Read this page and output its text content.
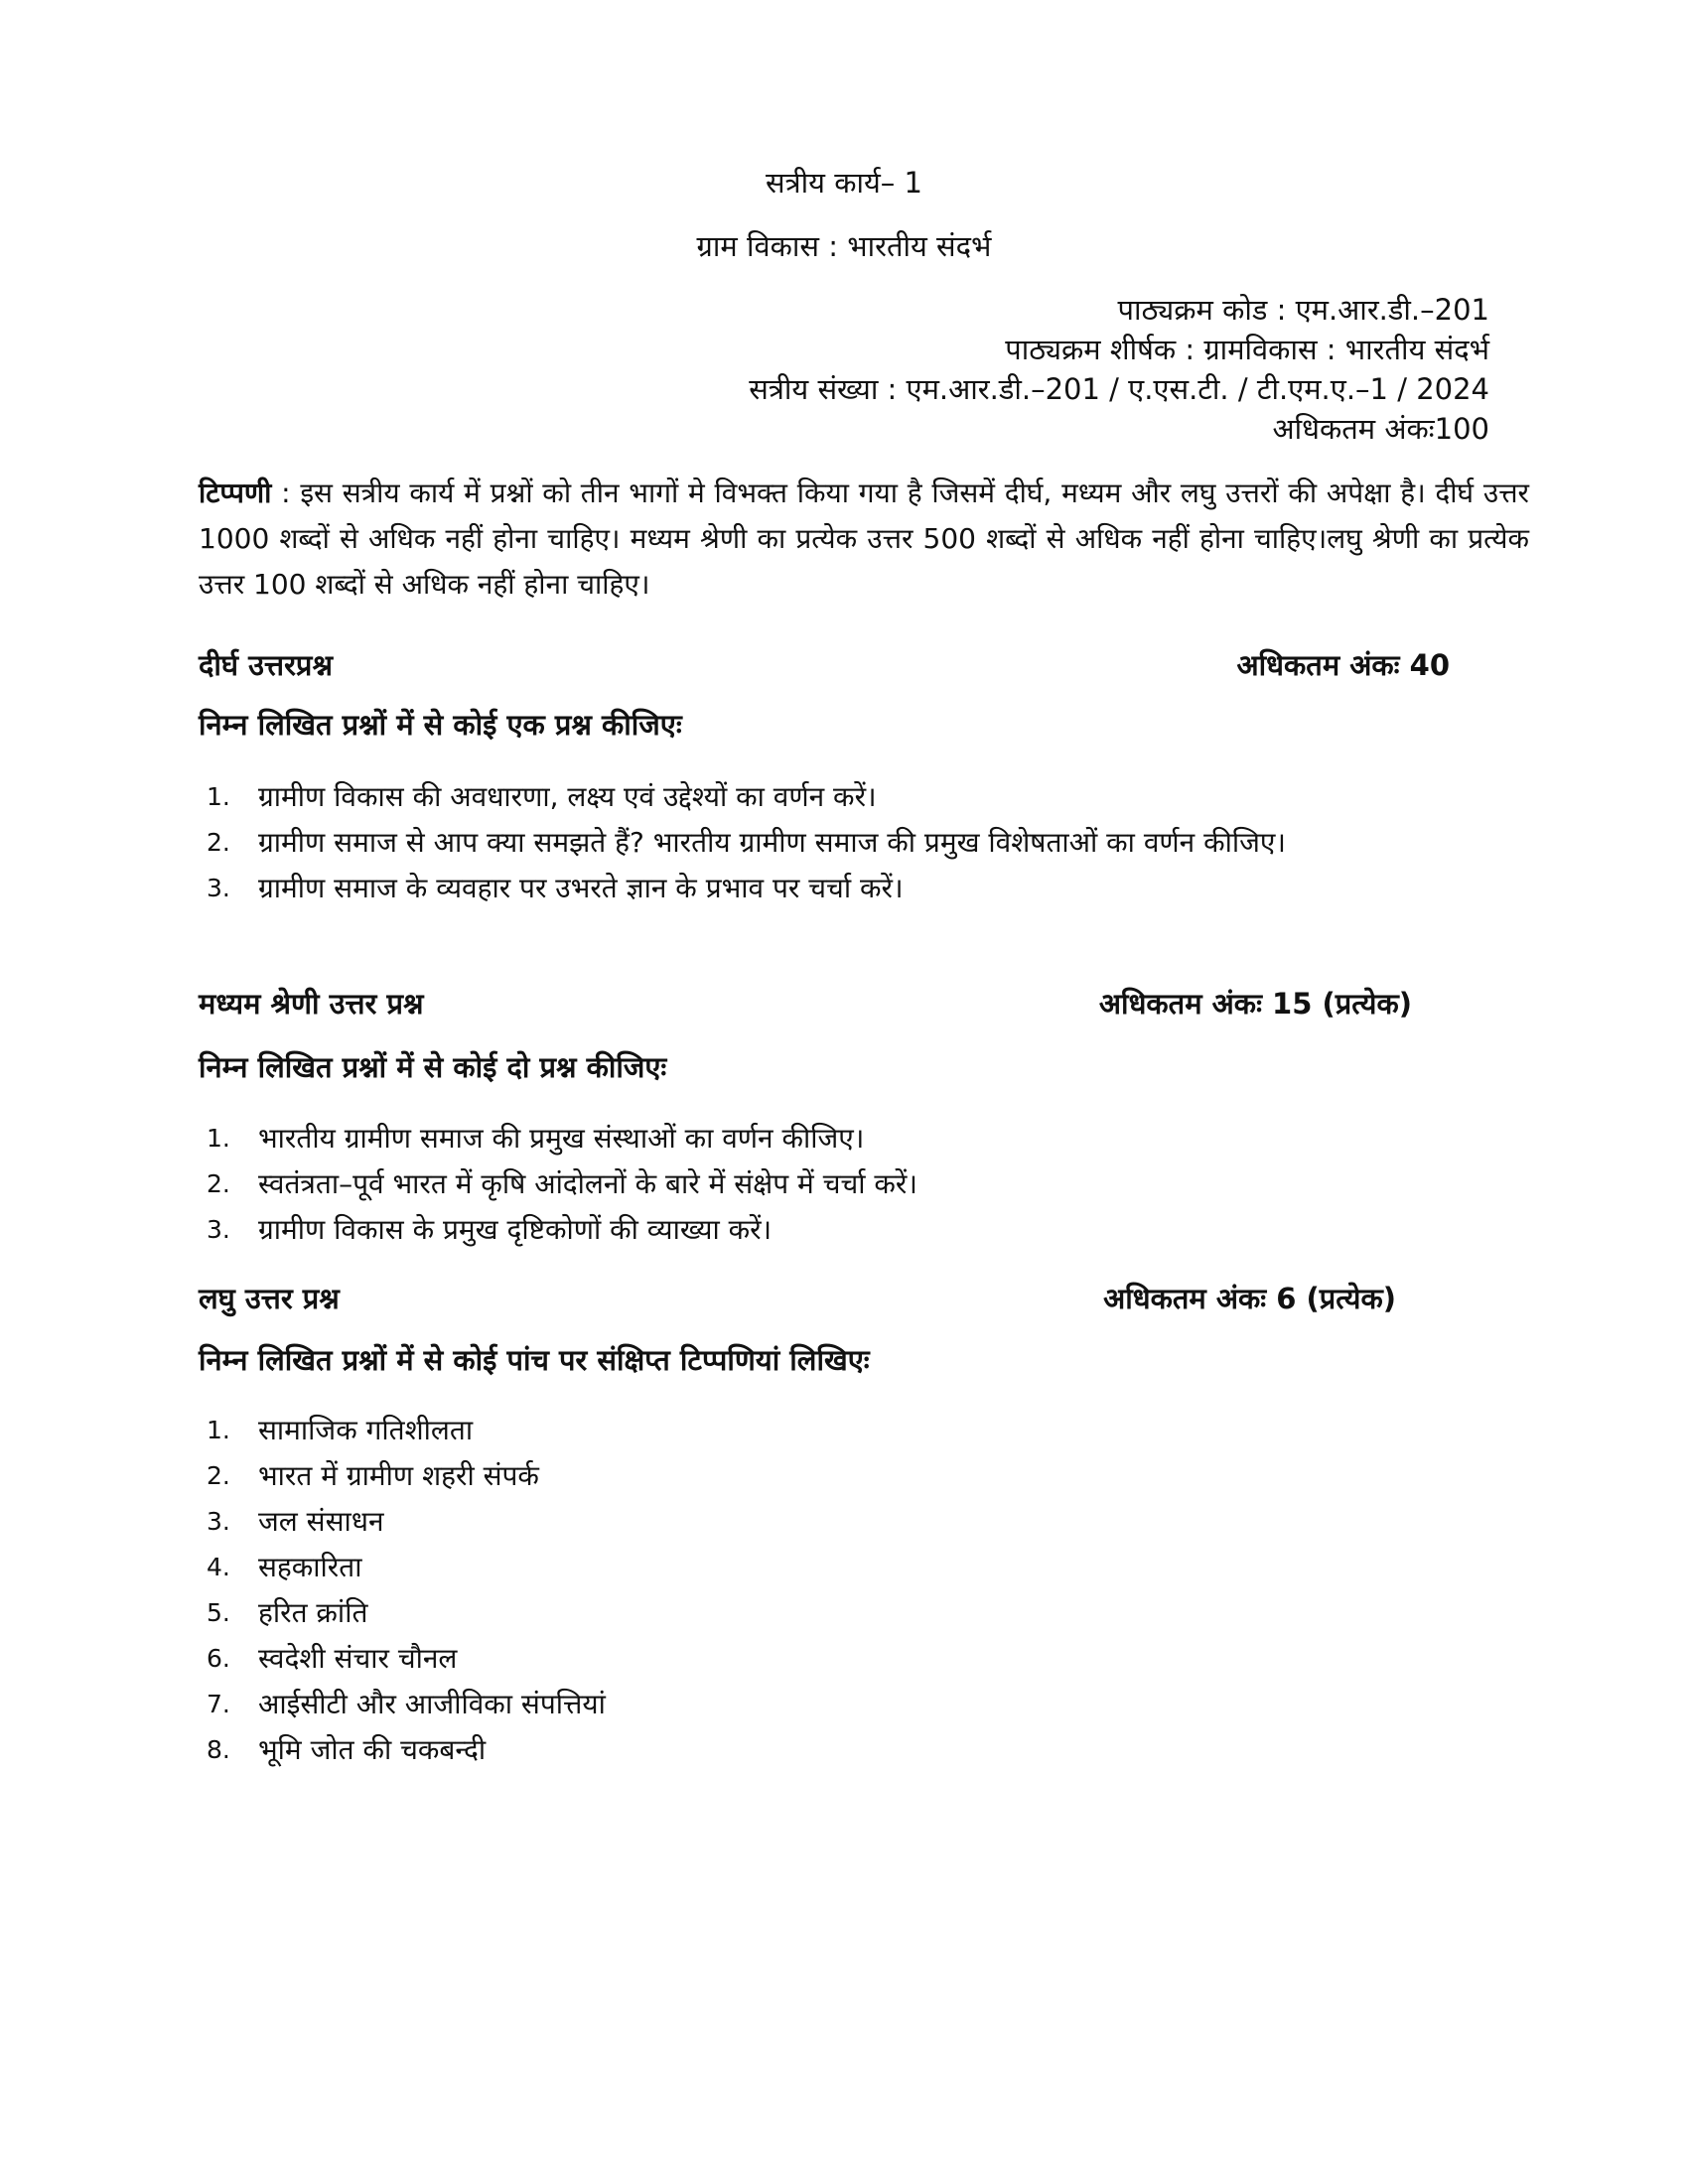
सत्रीय कार्य– 1
ग्राम विकास : भारतीय संदर्भ
पाठ्यक्रम कोड : एम.आर.डी.–201
पाठ्यक्रम शीर्षक : ग्रामविकास : भारतीय संदर्भ
सत्रीय संख्या : एम.आर.डी.–201 / ए.एस.टी. / टी.एम.ए.–1 / 2024
अधिकतम अंकः100
टिप्पणी : इस सत्रीय कार्य में प्रश्नों को तीन भागों मे विभक्त किया गया है जिसमें दीर्घ, मध्यम और लघु उत्तरों की अपेक्षा है। दीर्घ उत्तर 1000 शब्दों से अधिक नहीं होना चाहिए। मध्यम श्रेणी का प्रत्येक उत्तर 500 शब्दों से अधिक नहीं होना चाहिए।लघु श्रेणी का प्रत्येक उत्तर 100 शब्दों से अधिक नहीं होना चाहिए।
दीर्घ उत्तरप्रश्न	अधिकतम अंकः 40
निम्न लिखित प्रश्नों में से कोई एक प्रश्न कीजिएः
1. ग्रामीण विकास की अवधारणा, लक्ष्य एवं उद्देश्यों का वर्णन करें।
2. ग्रामीण समाज से आप क्या समझते हैं? भारतीय ग्रामीण समाज की प्रमुख विशेषताओं का वर्णन कीजिए।
3. ग्रामीण समाज के व्यवहार पर उभरते ज्ञान के प्रभाव पर चर्चा करें।
मध्यम श्रेणी उत्तर प्रश्न	अधिकतम अंकः 15 (प्रत्येक)
निम्न लिखित प्रश्नों में से कोई दो प्रश्न कीजिएः
1. भारतीय ग्रामीण समाज की प्रमुख संस्थाओं का वर्णन कीजिए।
2. स्वतंत्रता–पूर्व भारत में कृषि आंदोलनों के बारे में संक्षेप में चर्चा करें।
3. ग्रामीण विकास के प्रमुख दृष्टिकोणों की व्याख्या करें।
लघु उत्तर प्रश्न	अधिकतम अंकः 6 (प्रत्येक)
निम्न लिखित प्रश्नों में से कोई पांच पर संक्षिप्त टिप्पणियां लिखिएः
1. सामाजिक गतिशीलता
2. भारत में ग्रामीण शहरी संपर्क
3. जल संसाधन
4. सहकारिता
5. हरित क्रांति
6. स्वदेशी संचार चौनल
7. आईसीटी और आजीविका संपत्तियां
8. भूमि जोत की चकबन्दी
